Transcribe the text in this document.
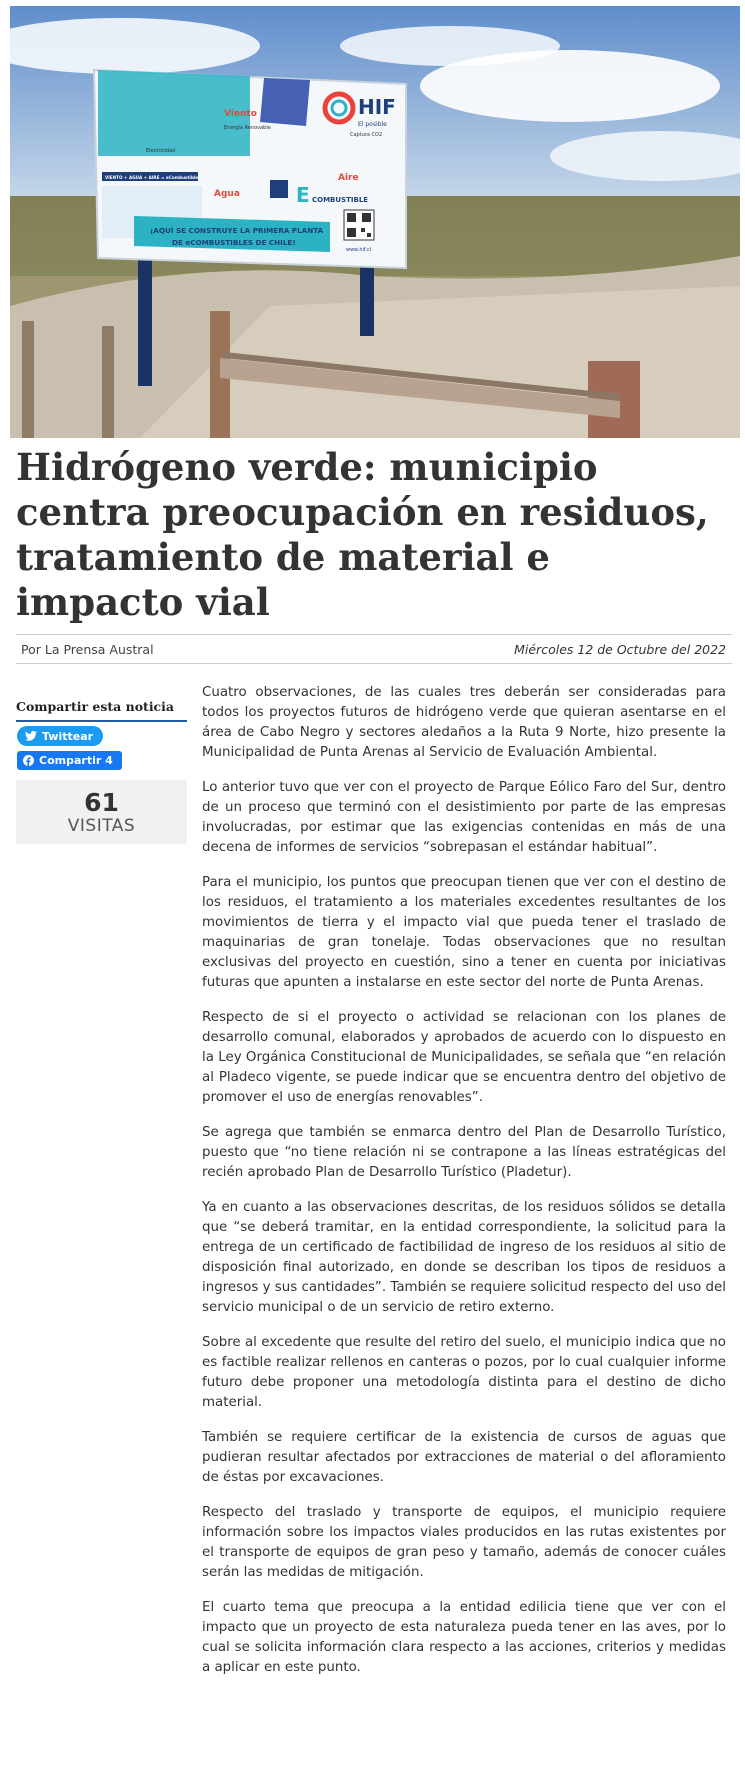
HIF
El posible
Viento
Energía Renovable
Electricidad
Captura CO2
Aire
Agua	E COMBUSTIBLE
VIENTO + AGUA + AIRE = eCombustibles
¡AQUÍ SE CONSTRUYE LA PRIMERA PLANTA
DE eCOMBUSTIBLES DE CHILE!
www.hif.cl
Hidrógeno verde: municipio centra preocupación en residuos, tratamiento de material e impacto vial
Por La Prensa Austral	Miércoles 12 de Octubre del 2022
Compartir esta noticia
Twittear
Compartir 4
61
VISITAS

Cuatro observaciones, de las cuales tres deberán ser consideradas para todos los proyectos futuros de hidrógeno verde que quieran asentarse en el área de Cabo Negro y sectores aledaños a la Ruta 9 Norte, hizo presente la Municipalidad de Punta Arenas al Servicio de Evaluación Ambiental.

Lo anterior tuvo que ver con el proyecto de Parque Eólico Faro del Sur, dentro de un proceso que terminó con el desistimiento por parte de las empresas involucradas, por estimar que las exigencias contenidas en más de una decena de informes de servicios “sobrepasan el estándar habitual”.

Para el municipio, los puntos que preocupan tienen que ver con el destino de los residuos, el tratamiento a los materiales excedentes resultantes de los movimientos de tierra y el impacto vial que pueda tener el traslado de maquinarias de gran tonelaje. Todas observaciones que no resultan exclusivas del proyecto en cuestión, sino a tener en cuenta por iniciativas futuras que apunten a instalarse en este sector del norte de Punta Arenas.

Respecto de si el proyecto o actividad se relacionan con los planes de desarrollo comunal, elaborados y aprobados de acuerdo con lo dispuesto en la Ley Orgánica Constitucional de Municipalidades, se señala que “en relación al Pladeco vigente, se puede indicar que se encuentra dentro del objetivo de promover el uso de energías renovables”.

Se agrega que también se enmarca dentro del Plan de Desarrollo Turístico, puesto que “no tiene relación ni se contrapone a las líneas estratégicas del recién aprobado Plan de Desarrollo Turístico (Pladetur).

Ya en cuanto a las observaciones descritas, de los residuos sólidos se detalla que “se deberá tramitar, en la entidad correspondiente, la solicitud para la entrega de un certificado de factibilidad de ingreso de los residuos al sitio de disposición final autorizado, en donde se describan los tipos de residuos a ingresos y sus cantidades”. También se requiere solicitud respecto del uso del servicio municipal o de un servicio de retiro externo.

Sobre al excedente que resulte del retiro del suelo, el municipio indica que no es factible realizar rellenos en canteras o pozos, por lo cual cualquier informe futuro debe proponer una metodología distinta para el destino de dicho material.

También se requiere certificar de la existencia de cursos de aguas que pudieran resultar afectados por extracciones de material o del afloramiento de éstas por excavaciones.

Respecto del traslado y transporte de equipos, el municipio requiere información sobre los impactos viales producidos en las rutas existentes por el transporte de equipos de gran peso y tamaño, además de conocer cuáles serán las medidas de mitigación.

El cuarto tema que preocupa a la entidad edilicia tiene que ver con el impacto que un proyecto de esta naturaleza pueda tener en las aves, por lo cual se solicita información clara respecto a las acciones, criterios y medidas a aplicar en este punto.
